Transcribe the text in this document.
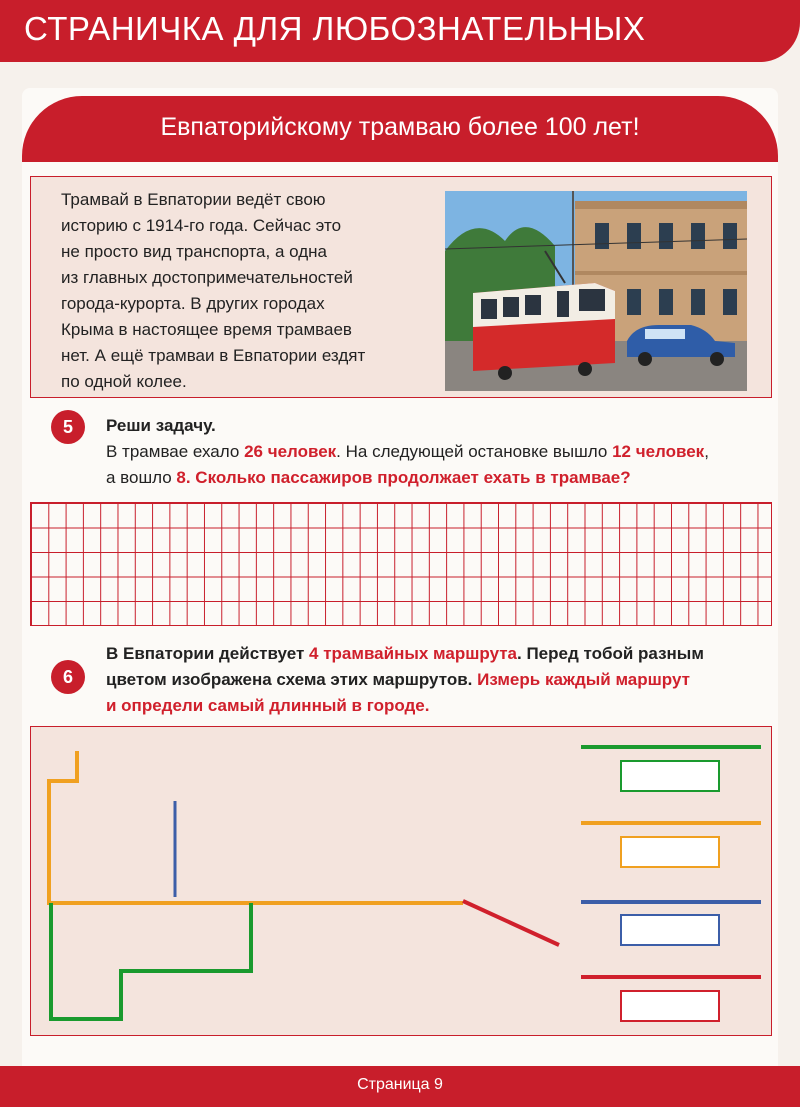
СТРАНИЧКА ДЛЯ ЛЮБОЗНАТЕЛЬНЫХ
Евпаторийскому трамваю более 100 лет!
Трамвай в Евпатории ведёт свою
историю с 1914-го года. Сейчас это
не просто вид транспорта, а одна
из главных достопримечательностей
города-курорта. В других городах
Крыма в настоящее время трамваев
нет. А ещё трамваи в Евпатории ездят
по одной колее.
5	Реши задачу.
В трамвае ехало 26 человек. На следующей остановке вышло 12 человек,
а вошло 8. Сколько пассажиров продолжает ехать в трамвае?
6
В Евпатории действует 4 трамвайных маршрута. Перед тобой разным
цветом изображена схема этих маршрутов. Измерь каждый маршрут
и определи самый длинный в городе.
Страница 9
